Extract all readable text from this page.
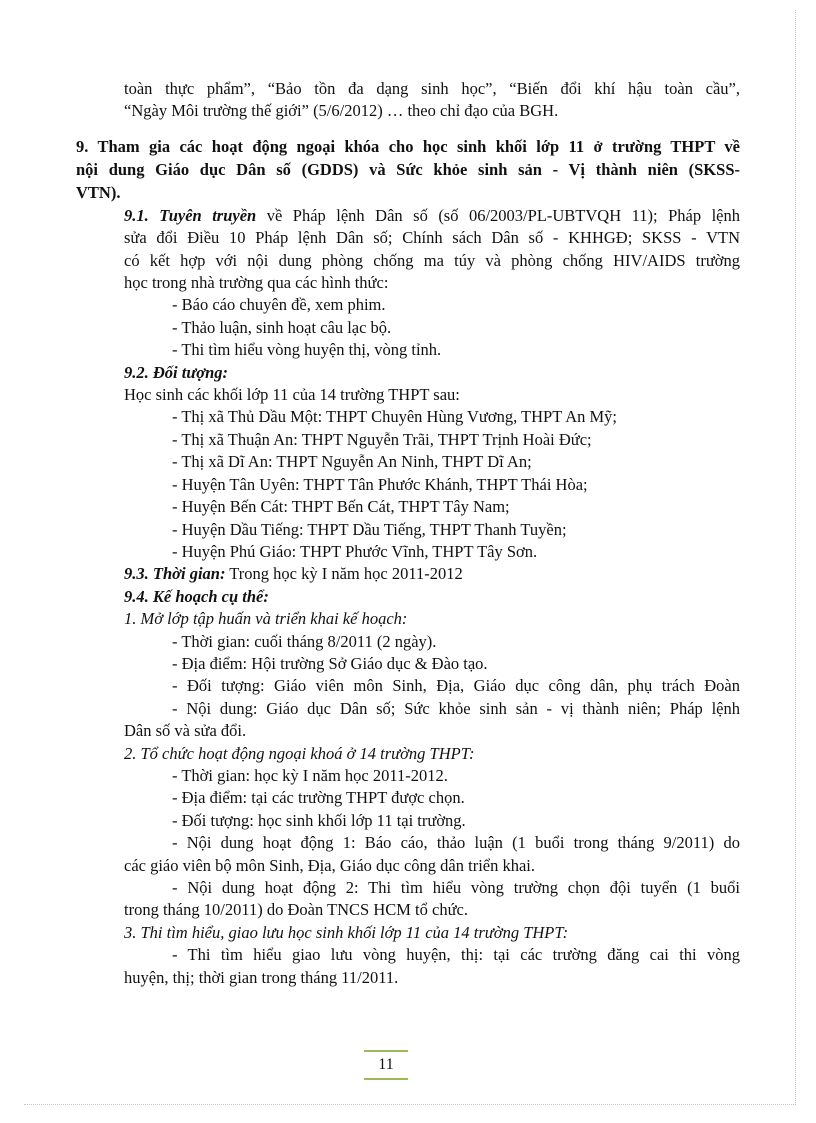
toàn thực phẩm”, “Bảo tồn đa dạng sinh học”, “Biến đổi khí hậu toàn cầu”,
“Ngày Môi trường thế giới” (5/6/2012) … theo chỉ đạo của BGH.
9. Tham gia các hoạt động ngoại khóa cho học sinh khối lớp 11 ở trường THPT về
nội dung Giáo dục Dân số (GDDS) và Sức khỏe sinh sản - Vị thành niên (SKSS-
VTN).
9.1. Tuyên truyền về Pháp lệnh Dân số (số 06/2003/PL-UBTVQH 11); Pháp lệnh
sửa đổi Điều 10 Pháp lệnh Dân số; Chính sách Dân số - KHHGĐ; SKSS - VTN
có kết hợp với nội dung phòng chống ma túy và phòng chống HIV/AIDS trường
học trong nhà trường qua các hình thức:
- Báo cáo chuyên đề, xem phim.
- Thảo luận, sinh hoạt câu lạc bộ.
- Thi tìm hiểu vòng huyện thị, vòng tỉnh.
9.2. Đối tượng:
Học sinh các khối lớp 11 của 14 trường THPT sau:
- Thị xã Thủ Dầu Một: THPT Chuyên Hùng Vương, THPT An Mỹ;
- Thị xã Thuận An: THPT Nguyễn Trãi, THPT Trịnh Hoài Đức;
- Thị xã Dĩ An: THPT Nguyễn An Ninh, THPT Dĩ An;
- Huyện Tân Uyên: THPT Tân Phước Khánh, THPT Thái Hòa;
- Huyện Bến Cát: THPT Bến Cát, THPT Tây Nam;
- Huyện Dầu Tiếng: THPT Dầu Tiếng, THPT Thanh Tuyền;
- Huyện Phú Giáo: THPT Phước Vĩnh, THPT Tây Sơn.
9.3. Thời gian: Trong học kỳ I năm học 2011-2012
9.4. Kế hoạch cụ thể:
1. Mở lớp tập huấn và triển khai kế hoạch:
- Thời gian: cuối tháng 8/2011 (2 ngày).
- Địa điểm: Hội trường Sở Giáo dục & Đào tạo.
- Đối tượng: Giáo viên môn Sinh, Địa, Giáo dục công dân, phụ trách Đoàn
- Nội dung: Giáo dục Dân số; Sức khỏe sinh sản - vị thành niên; Pháp lệnh
Dân số và sửa đổi.
2. Tổ chức hoạt động ngoại khoá ở 14 trường THPT:
- Thời gian: học kỳ I năm học 2011-2012.
- Địa điểm: tại các trường THPT được chọn.
- Đối tượng: học sinh khối lớp 11 tại trường.
- Nội dung hoạt động 1: Báo cáo, thảo luận (1 buổi trong tháng 9/2011) do
các giáo viên bộ môn Sinh, Địa, Giáo dục công dân triển khai.
- Nội dung hoạt động 2: Thi tìm hiểu vòng trường chọn đội tuyển (1 buổi
trong tháng 10/2011) do Đoàn TNCS HCM tổ chức.
3. Thi tìm hiểu, giao lưu học sinh khối lớp 11 của 14 trường THPT:
- Thi tìm hiểu giao lưu vòng huyện, thị: tại các trường đăng cai thi vòng
huyện, thị; thời gian trong tháng 11/2011.
11
